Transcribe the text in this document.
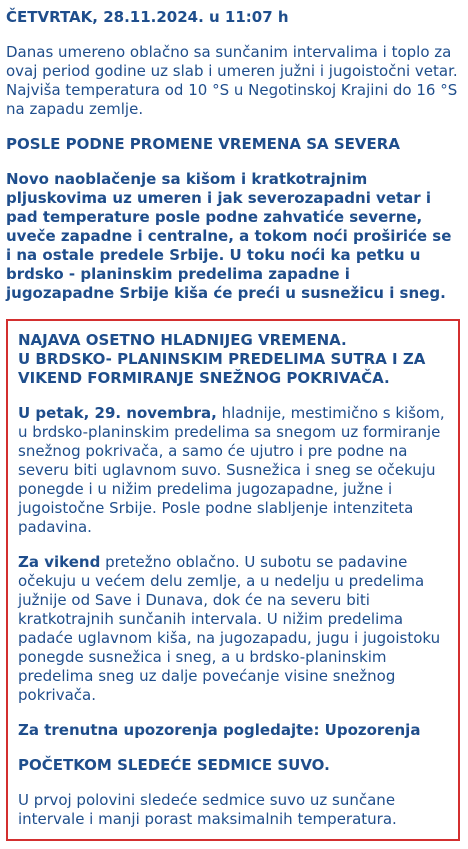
ČETVRTAK, 28.11.2024. u 11:07 h

Danas umereno oblačno sa sunčanim intervalima i toplo za ovaj period godine uz slab i umeren južni i jugoistočni vetar. Najviša temperatura od 10 °S u Negotinskoj Krajini do 16 °S na zapadu zemlje.

POSLE PODNE PROMENE VREMENA SA SEVERA

Novo naoblačenje sa kišom i kratkotrajnim pljuskovima uz umeren i jak severozapadni vetar i pad temperature posle podne zahvatiće severne, uveče zapadne i centralne, a tokom noći proširiće se i na ostale predele Srbije. U toku noći ka petku u brdsko - planinskim predelima zapadne i jugozapadne Srbije kiša će preći u susnežicu i sneg.

NAJAVA OSETNO HLADNIJEG VREMENA.
U BRDSKO- PLANINSKIM PREDELIMA SUTRA I ZA VIKEND FORMIRANJE SNEŽNOG POKRIVAČA.

U petak, 29. novembra, hladnije, mestimično s kišom, u brdsko-planinskim predelima sa snegom uz formiranje snežnog pokrivača, a samo će ujutro i pre podne na severu biti uglavnom suvo. Susnežica i sneg se očekuju ponegde i u nižim predelima jugozapadne, južne i jugoistočne Srbije. Posle podne slabljenje intenziteta padavina.

Za vikend pretežno oblačno. U subotu se padavine očekuju u većem delu zemlje, a u nedelju u predelima južnije od Save i Dunava, dok će na severu biti kratkotrajnih sunčanih intervala. U nižim predelima padaće uglavnom kiša, na jugozapadu, jugu i jugoistoku ponegde susnežica i sneg, a u brdsko-planinskim predelima sneg uz dalje povećanje visine snežnog pokrivača.

Za trenutna upozorenja pogledajte: Upozorenja

POČETKOM SLEDEĆE SEDMICE SUVO.

U prvoj polovini sledeće sedmice suvo uz sunčane intervale i manji porast maksimalnih temperatura.
